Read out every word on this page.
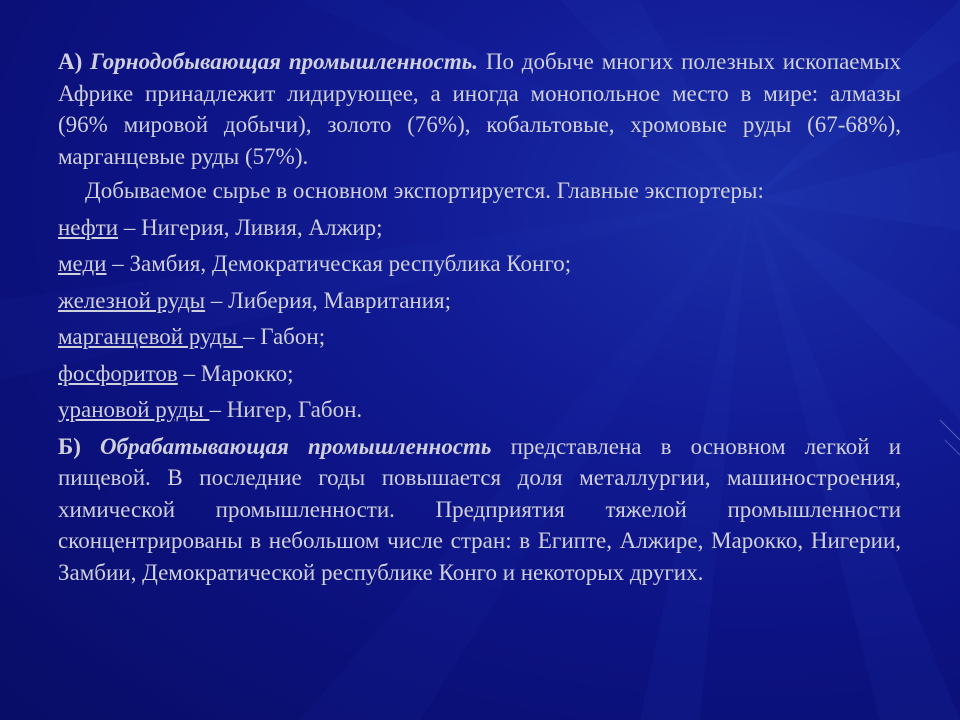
А) Горнодобывающая промышленность. По добыче многих полезных ископаемых Африке принадлежит лидирующее, а иногда монопольное место в мире: алмазы (96% мировой добычи), золото (76%), кобальтовые, хромовые руды (67-68%), марганцевые руды (57%).

Добываемое сырье в основном экспортируется. Главные экспортеры:

нефти – Нигерия, Ливия, Алжир;

меди – Замбия, Демократическая республика Конго;

железной руды – Либерия, Мавритания;

марганцевой руды – Габон;

фосфоритов – Марокко;

урановой руды – Нигер, Габон.

Б) Обрабатывающая промышленность представлена в основном легкой и пищевой. В последние годы повышается доля металлургии, машиностроения, химической промышленности. Предприятия тяжелой промышленности сконцентрированы в небольшом числе стран: в Египте, Алжире, Марокко, Нигерии, Замбии, Демократической республике Конго и некоторых других.
